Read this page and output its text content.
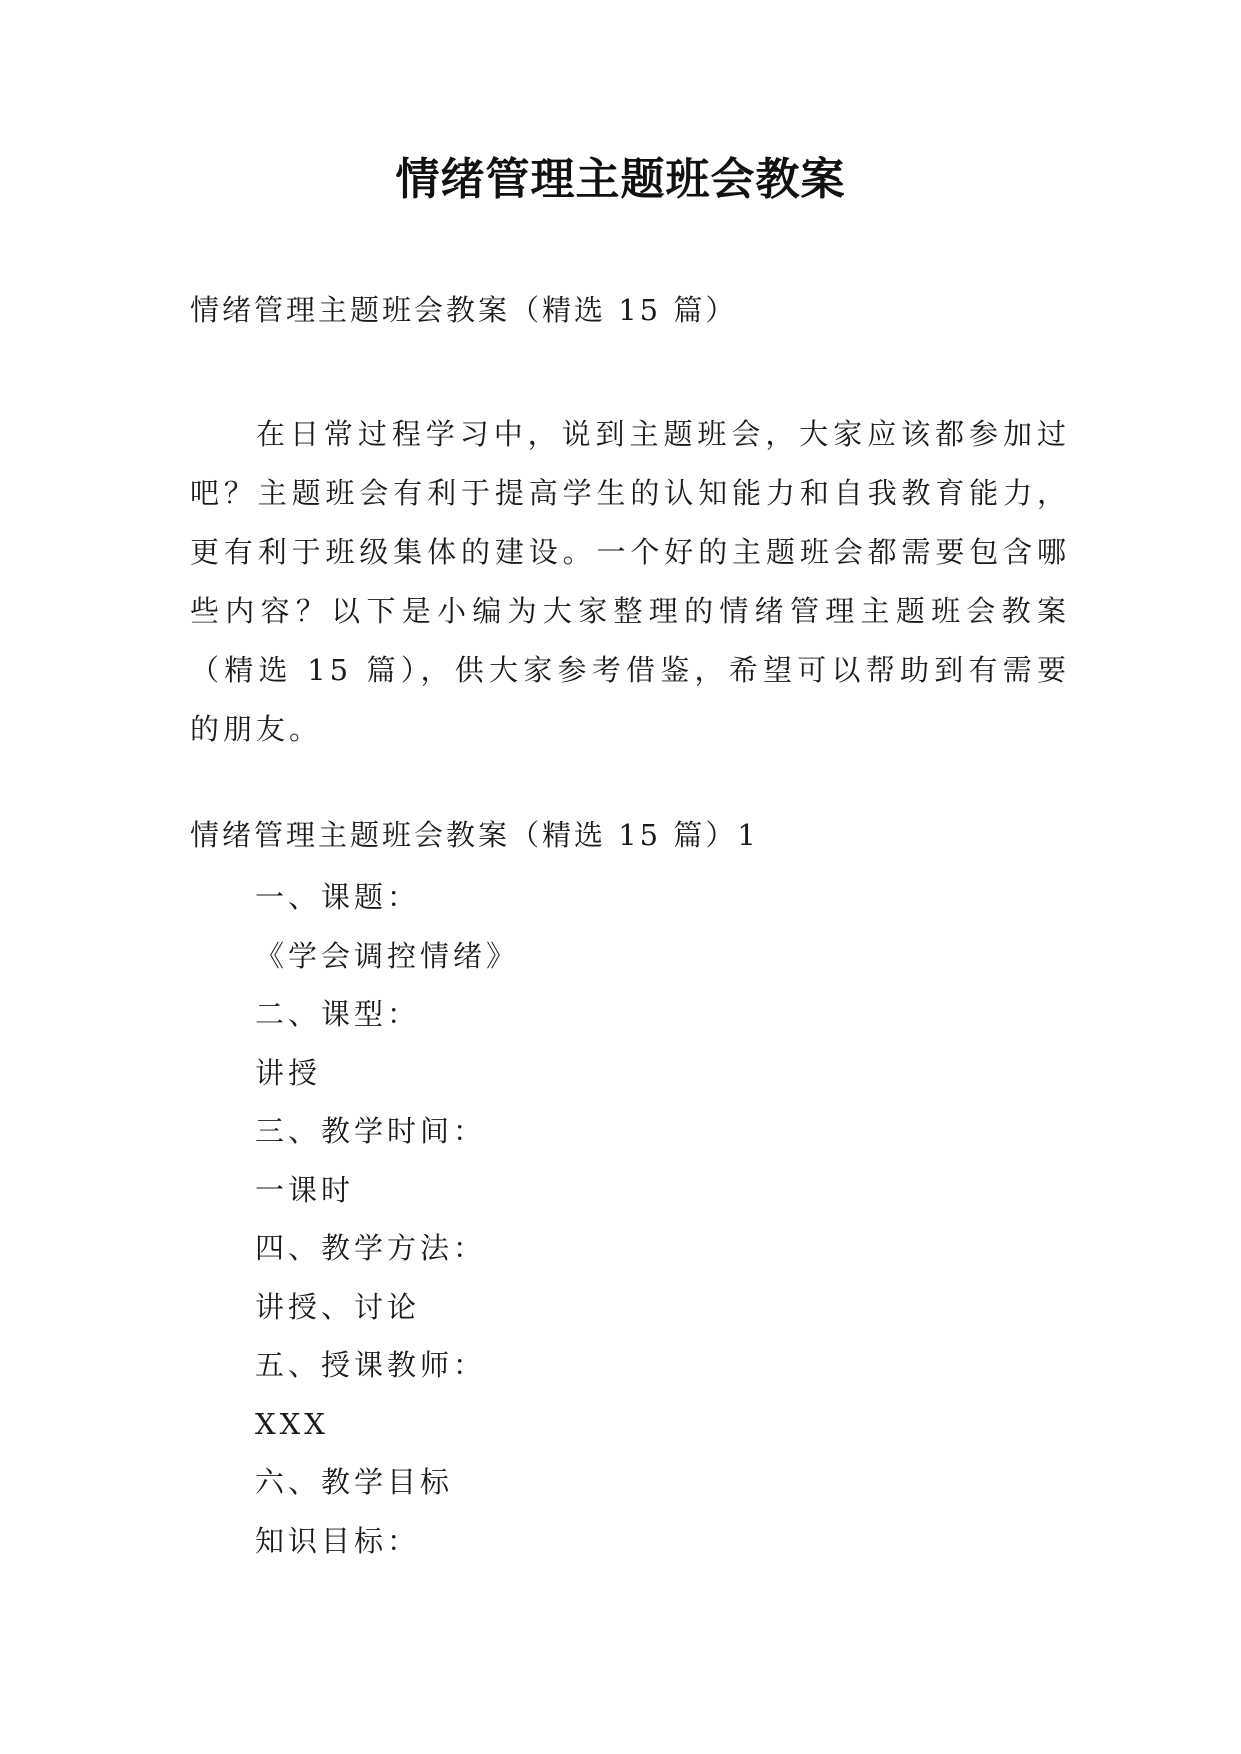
情绪管理主题班会教案
情绪管理主题班会教案（精选 15 篇）

在日常过程学习中，说到主题班会，大家应该都参加过吧？主题班会有利于提高学生的认知能力和自我教育能力，更有利于班级集体的建设。一个好的主题班会都需要包含哪些内容？以下是小编为大家整理的情绪管理主题班会教案（精选 15 篇），供大家参考借鉴，希望可以帮助到有需要的朋友。

情绪管理主题班会教案（精选 15 篇）1
一、课题：
《学会调控情绪》
二、课型：
讲授
三、教学时间：
一课时
四、教学方法：
讲授、讨论
五、授课教师：
XXX
六、教学目标
知识目标：
